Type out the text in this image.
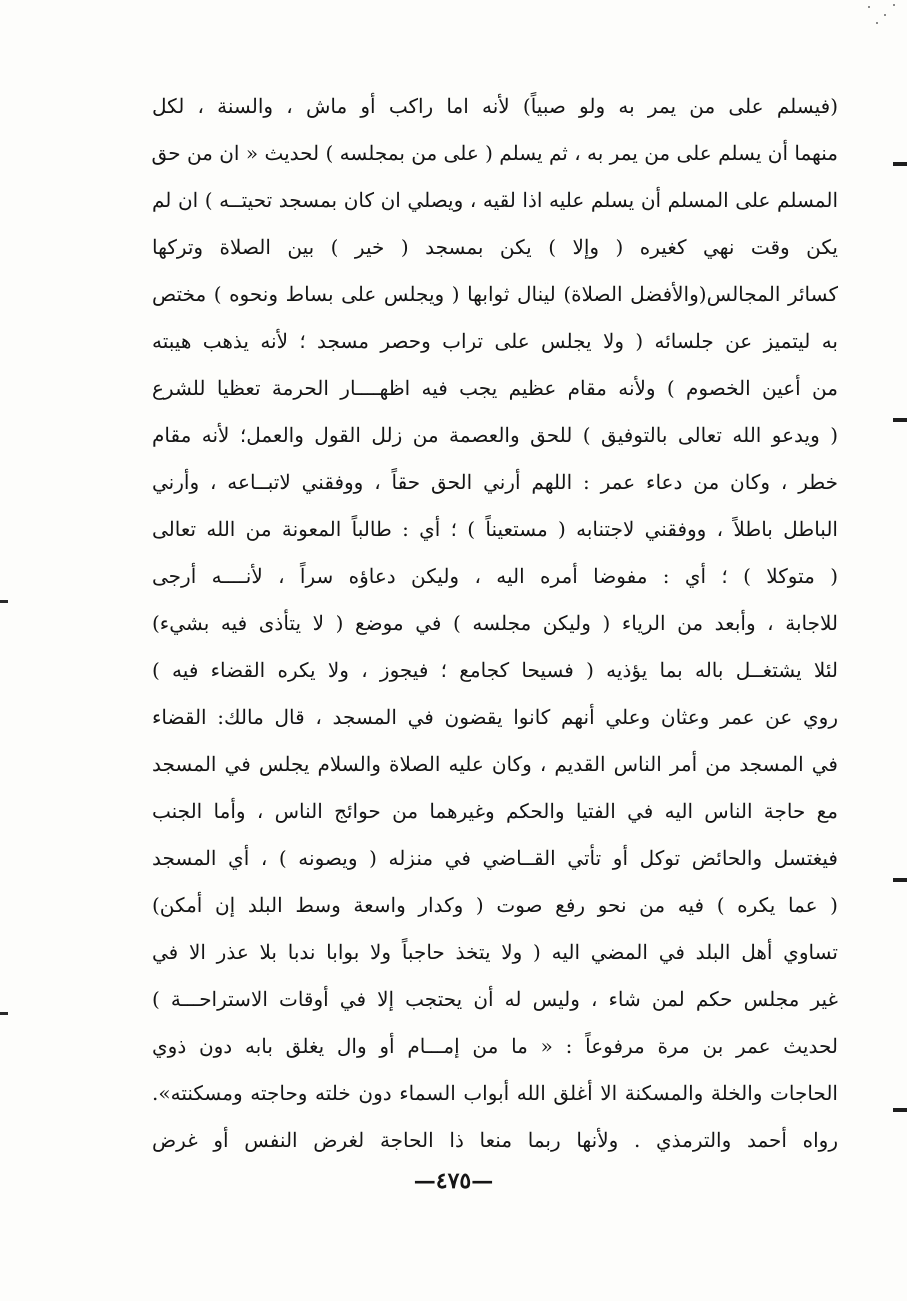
(فيسلم على من يمر به ولو صبياً) لأنه اما راكب أو ماش ، والسنة ، لكل
منهما أن يسلم على من يمر به ، ثم يسلم ( على من بمجلسه ) لحديث « ان من حق
المسلم على المسلم أن يسلم عليه اذا لقيه ، ويصلي ان كان بمسجد تحيتــه ) ان لم
يكن وقت نهي كغيره ( وإلا ) يكن بمسجد ( خير ) بين الصلاة وتركها
كسائر المجالس(والأفضل الصلاة) لينال ثوابها ( ويجلس على بساط ونحوه ) مختص
به ليتميز عن جلسائه ( ولا يجلس على تراب وحصر مسجد ؛ لأنه يذهب هيبته
من أعين الخصوم ) ولأنه مقام عظيم يجب فيه اظهــــار الحرمة تعظيا للشرع
( ويدعو الله تعالى بالتوفيق ) للحق والعصمة من زلل القول والعمل؛ لأنه مقام
خطر ، وكان من دعاء عمر : اللهم أرني الحق حقاً ، ووفقني لاتبــاعه ، وأرني
الباطل باطلاً ، ووفقني لاجتنابه ( مستعيناً ) ؛ أي : طالباً المعونة من الله تعالى
( متوكلا ) ؛ أي : مفوضا أمره اليه ، وليكن دعاؤه سراً ، لأنــــه أرجى
للاجابة ، وأبعد من الرياء ( وليكن مجلسه ) في موضع ( لا يتأذى فيه بشيء)
لئلا يشتغــل باله بما يؤذيه ( فسيحا كجامع ؛ فيجوز ، ولا يكره القضاء فيه )
روي عن عمر وعثان وعلي أنهم كانوا يقضون في المسجد ، قال مالك: القضاء
في المسجد من أمر الناس القديم ، وكان عليه الصلاة والسلام يجلس في المسجد
مع حاجة الناس اليه في الفتيا والحكم وغيرهما من حوائج الناس ، وأما الجنب
فيغتسل والحائض توكل أو تأتي القــاضي في منزله ( ويصونه ) ، أي المسجد
( عما يكره ) فيه من نحو رفع صوت ( وكدار واسعة وسط البلد إن أمكن)
تساوي أهل البلد في المضي اليه ( ولا يتخذ حاجباً ولا بوابا ندبا بلا عذر الا في
غير مجلس حكم لمن شاء ، وليس له أن يحتجب إلا في أوقات الاستراحـــة )
لحديث عمر بن مرة مرفوعاً : « ما من إمـــام أو وال يغلق بابه دون ذوي
الحاجات والخلة والمسكنة الا أغلق الله أبواب السماء دون خلته وحاجته ومسكنته».
رواه أحمد والترمذي . ولأنها ربما منعا ذا الحاجة لغرض النفس أو غرض
—٤٧٥—
